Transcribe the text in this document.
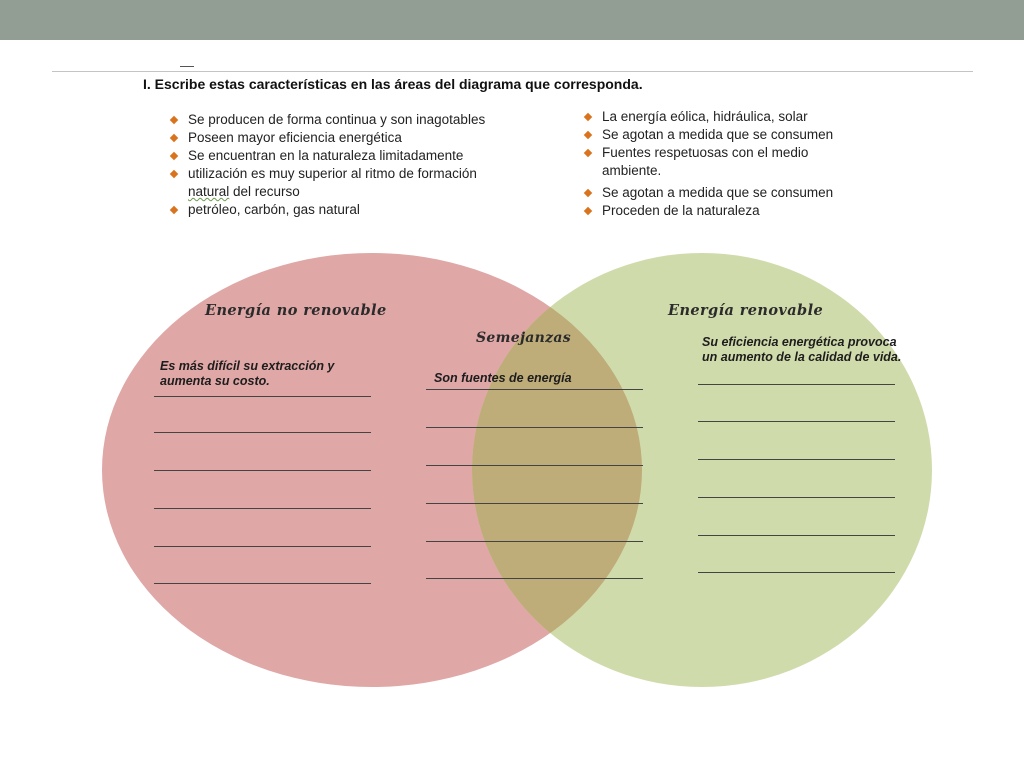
I. Escribe estas características en las áreas del diagrama que corresponda.
Se producen de forma continua y son inagotables
Poseen mayor eficiencia energética
Se encuentran en la naturaleza limitadamente
utilización es muy superior al ritmo de formación
natural del recurso
petróleo, carbón, gas natural
La energía eólica, hidráulica, solar
Se agotan a medida que se consumen
Fuentes respetuosas con el medio
ambiente.
Se agotan a medida que se consumen
Proceden de la naturaleza
Energía no renovable
Semejanzas
Energía renovable
Es más difícil su extracción y aumenta su costo.	Son fuentes de energía
Su eficiencia energética provoca un aumento de la calidad de vida.
